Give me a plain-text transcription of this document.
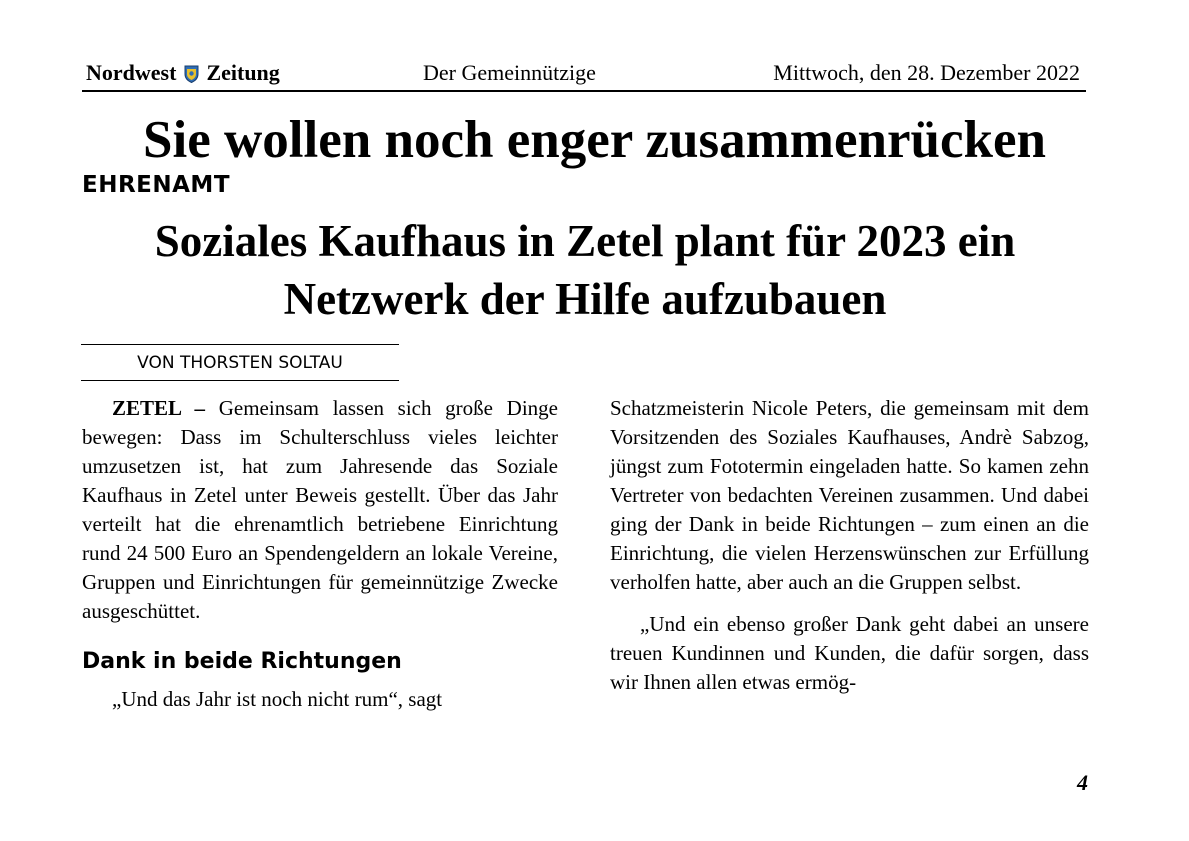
Nordwest Zeitung	Der Gemeinnützige	Mittwoch, den 28. Dezember 2022
Sie wollen noch enger zusammenrücken
EHRENAMT
Soziales Kaufhaus in Zetel plant für 2023 ein Netzwerk der Hilfe aufzubauen
VON THORSTEN SOLTAU

ZETEL – Gemeinsam lassen sich große Dinge bewegen: Dass im Schulterschluss vieles leichter umzusetzen ist, hat zum Jahresende das Soziale Kaufhaus in Zetel unter Beweis gestellt. Über das Jahr verteilt hat die ehrenamtlich betriebene Einrichtung rund 24 500 Euro an Spendengeldern an lokale Vereine, Gruppen und Einrichtungen für gemeinnützige Zwecke ausgeschüttet.

Dank in beide Richtungen

„Und das Jahr ist noch nicht rum“, sagt

Schatzmeisterin Nicole Peters, die gemeinsam mit dem Vorsitzenden des Soziales Kaufhauses, Andrè Sabzog, jüngst zum Fototermin eingeladen hatte. So kamen zehn Vertreter von bedachten Vereinen zusammen. Und dabei ging der Dank in beide Richtungen – zum einen an die Einrichtung, die vielen Herzenswünschen zur Erfüllung verholfen hatte, aber auch an die Gruppen selbst.

„Und ein ebenso großer Dank geht dabei an unsere treuen Kundinnen und Kunden, die dafür sorgen, dass wir Ihnen allen etwas ermög-

4
